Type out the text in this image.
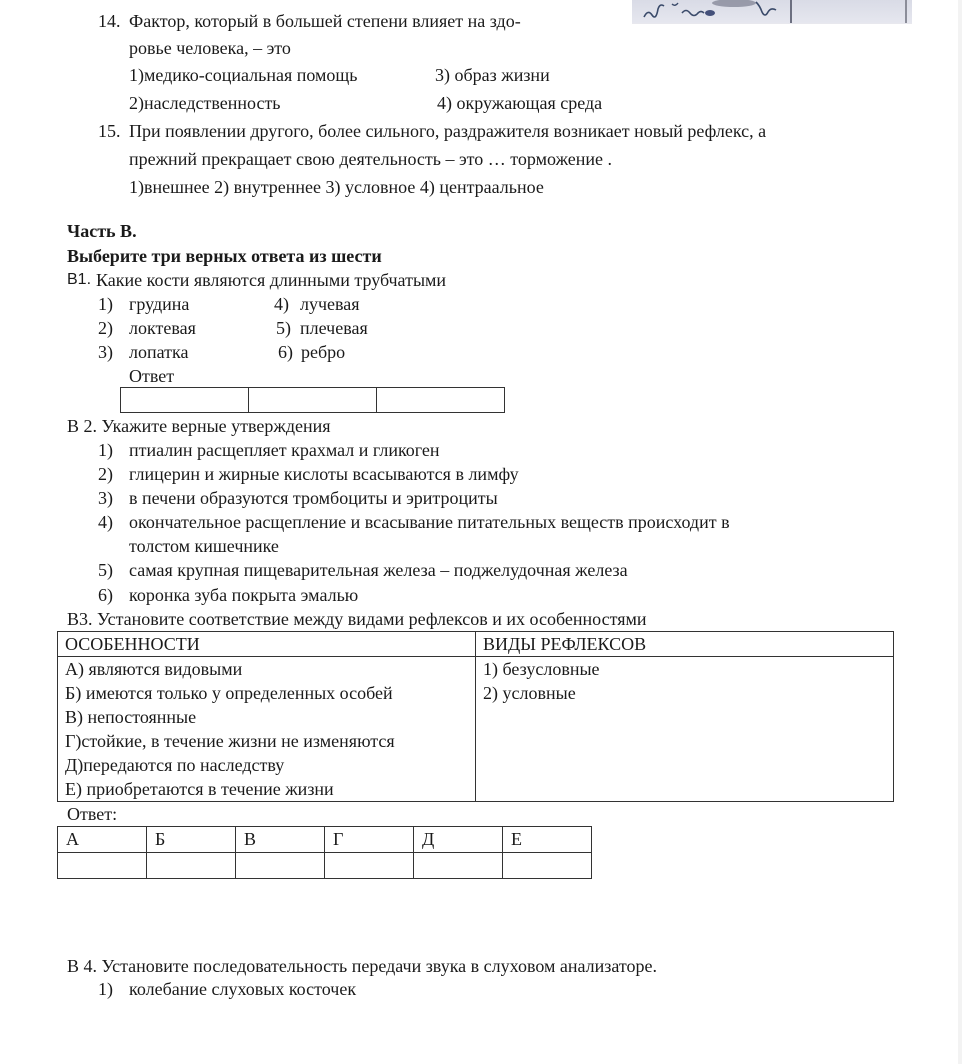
14. Фактор, который в большей степени влияет на здо-
ровье человека, – это
1)медико-социальная помощь
2)наследственность
3) образ жизни
4) окружающая среда
15. При появлении другого, более сильного, раздражителя возникает новый рефлекс, а
прежний прекращает свою деятельность – это … торможение .
1)внешнее 2) внутреннее 3) условное 4) центраальное
Часть В.
Выберите три верных ответа из шести
В1. Какие кости являются длинными трубчатыми
1) грудина
2) локтевая
3) лопатка
4) лучевая
5) плечевая
6) ребро
Ответ

В 2. Укажите верные утверждения
1) птиалин расщепляет крахмал и гликоген
2) глицерин и жирные кислоты всасываются в лимфу
3) в печени образуются тромбоциты и эритроциты
4) окончательное расщепление и всасывание питательных веществ происходит в
толстом кишечнике
5) самая крупная пищеварительная железа – поджелудочная железа
6) коронка зуба покрыта эмалью
В3. Установите соответствие между видами рефлексов и их особенностями
ОСОБЕННОСТИ	ВИДЫ РЕФЛЕКСОВ

А) являются видовыми
Б) имеются только у определенных особей
В) непостоянные
Г)стойкие, в течение жизни не изменяются
Д)передаются по наследству
Е) приобретаются в течение жизни

1) безусловные
2) условные
Ответ:
А	Б	В	Г	Д	Е

В 4. Установите последовательность передачи звука в слуховом анализаторе.
1) колебание слуховых косточек
